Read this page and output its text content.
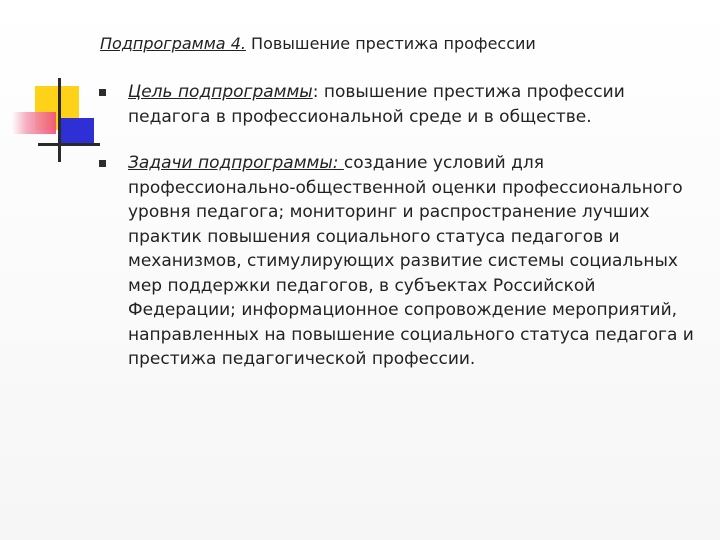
Подпрограмма 4. Повышение престижа профессии
Цель подпрограммы: повышение престижа профессии педагога в профессиональной среде и в обществе.
Задачи подпрограммы: создание условий для профессионально-общественной оценки профессионального уровня педагога; мониторинг и распространение лучших практик повышения социального статуса педагогов и механизмов, стимулирующих развитие системы социальных мер поддержки педагогов, в субъектах Российской Федерации; информационное сопровождение мероприятий, направленных на повышение социального статуса педагога и престижа педагогической профессии.
